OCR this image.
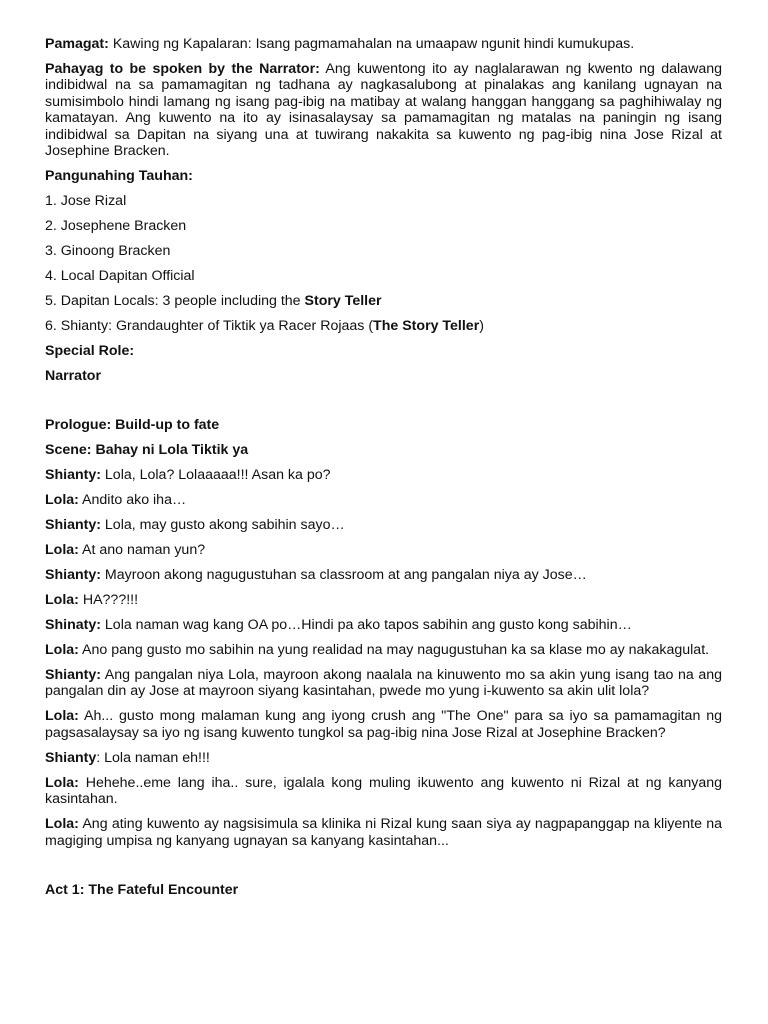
Pamagat: Kawing ng Kapalaran: Isang pagmamahalan na umaapaw ngunit hindi kumukupas.

Pahayag to be spoken by the Narrator: Ang kuwentong ito ay naglalarawan ng kwento ng dalawang indibidwal na sa pamamagitan ng tadhana ay nagkasalubong at pinalakas ang kanilang ugnayan na sumisimbolo hindi lamang ng isang pag-ibig na matibay at walang hanggan hanggang sa paghihiwalay ng kamatayan. Ang kuwento na ito ay isinasalaysay sa pamamagitan ng matalas na paningin ng isang indibidwal sa Dapitan na siyang una at tuwirang nakakita sa kuwento ng pag-ibig nina Jose Rizal at Josephine Bracken.

Pangunahing Tauhan:

1. Jose Rizal

2. Josephene Bracken

3. Ginoong Bracken

4. Local Dapitan Official

5. Dapitan Locals: 3 people including the Story Teller

6. Shianty: Grandaughter of Tiktik ya Racer Rojaas (The Story Teller)

Special Role:

Narrator

Prologue: Build-up to fate

Scene: Bahay ni Lola Tiktik ya

Shianty: Lola, Lola? Lolaaaaa!!! Asan ka po?

Lola: Andito ako iha…

Shianty: Lola, may gusto akong sabihin sayo…

Lola: At ano naman yun?

Shianty: Mayroon akong nagugustuhan sa classroom at ang pangalan niya ay Jose…

Lola: HA???!!!

Shinaty: Lola naman wag kang OA po…Hindi pa ako tapos sabihin ang gusto kong sabihin…

Lola: Ano pang gusto mo sabihin na yung realidad na may nagugustuhan ka sa klase mo ay nakakagulat.

Shianty: Ang pangalan niya Lola, mayroon akong naalala na kinuwento mo sa akin yung isang tao na ang pangalan din ay Jose at mayroon siyang kasintahan, pwede mo yung i-kuwento sa akin ulit lola?

Lola: Ah... gusto mong malaman kung ang iyong crush ang "The One" para sa iyo sa pamamagitan ng pagsasalaysay sa iyo ng isang kuwento tungkol sa pag-ibig nina Jose Rizal at Josephine Bracken?

Shianty: Lola naman eh!!!

Lola: Hehehe..eme lang iha.. sure, igalala kong muling ikuwento ang kuwento ni Rizal at ng kanyang kasintahan.

Lola: Ang ating kuwento ay nagsisimula sa klinika ni Rizal kung saan siya ay nagpapanggap na kliyente na magiging umpisa ng kanyang ugnayan sa kanyang kasintahan...

Act 1: The Fateful Encounter
